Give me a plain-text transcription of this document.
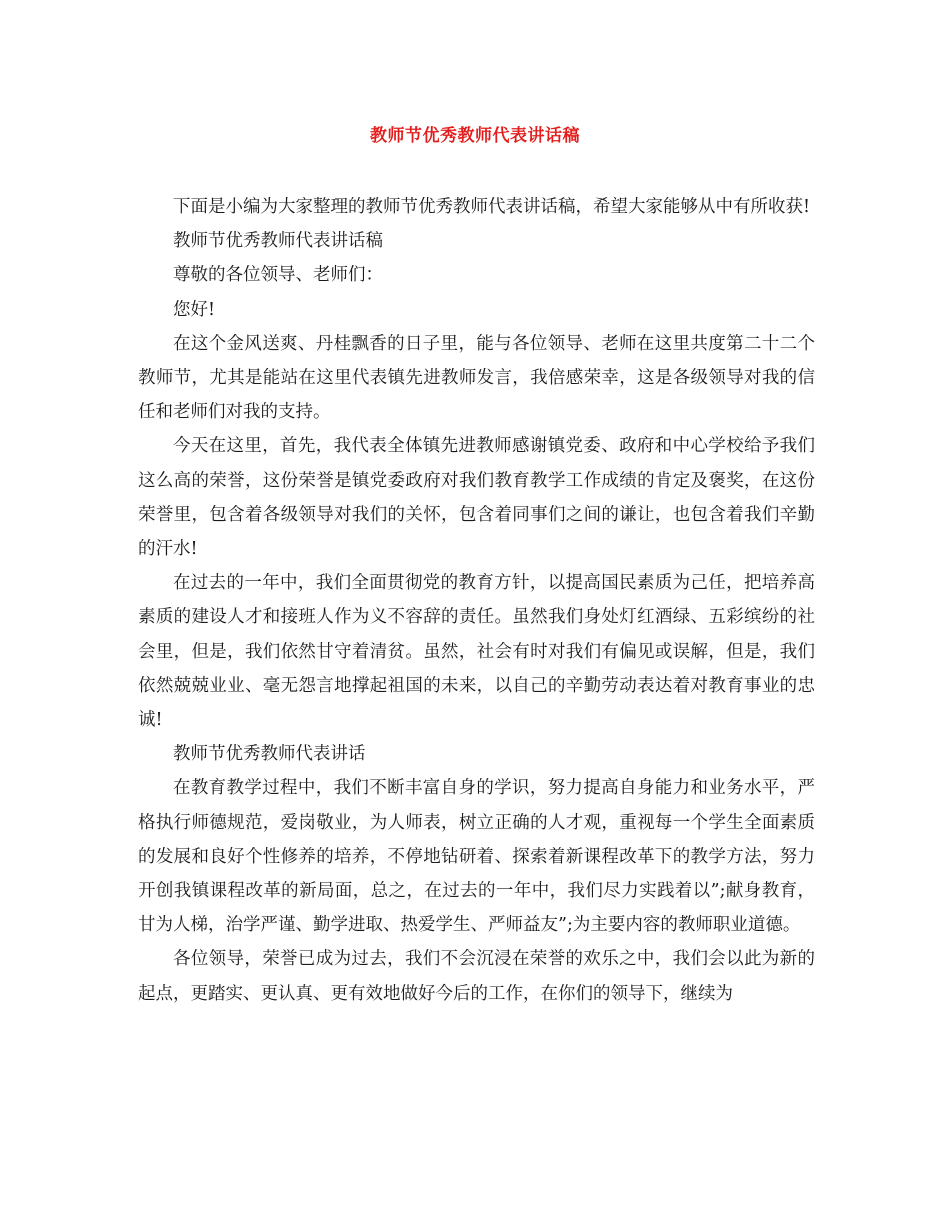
教师节优秀教师代表讲话稿

下面是小编为大家整理的教师节优秀教师代表讲话稿，希望大家能够从中有所收获!

教师节优秀教师代表讲话稿

尊敬的各位领导、老师们：

您好!

在这个金风送爽、丹桂飘香的日子里，能与各位领导、老师在这里共度第二十二个教师节，尤其是能站在这里代表镇先进教师发言，我倍感荣幸，这是各级领导对我的信任和老师们对我的支持。

今天在这里，首先，我代表全体镇先进教师感谢镇党委、政府和中心学校给予我们这么高的荣誉，这份荣誉是镇党委政府对我们教育教学工作成绩的肯定及褒奖，在这份荣誉里，包含着各级领导对我们的关怀，包含着同事们之间的谦让，也包含着我们辛勤的汗水!

在过去的一年中，我们全面贯彻党的教育方针，以提高国民素质为己任，把培养高素质的建设人才和接班人作为义不容辞的责任。虽然我们身处灯红酒绿、五彩缤纷的社会里，但是，我们依然甘守着清贫。虽然，社会有时对我们有偏见或误解，但是，我们依然兢兢业业、毫无怨言地撑起祖国的未来，以自己的辛勤劳动表达着对教育事业的忠诚!

教师节优秀教师代表讲话

在教育教学过程中，我们不断丰富自身的学识，努力提高自身能力和业务水平，严格执行师德规范，爱岗敬业，为人师表，树立正确的人才观，重视每一个学生全面素质的发展和良好个性修养的培养，不停地钻研着、探索着新课程改革下的教学方法，努力开创我镇课程改革的新局面，总之，在过去的一年中，我们尽力实践着以”;献身教育，甘为人梯，治学严谨、勤学进取、热爱学生、严师益友”;为主要内容的教师职业道德。

各位领导，荣誉已成为过去，我们不会沉浸在荣誉的欢乐之中，我们会以此为新的起点，更踏实、更认真、更有效地做好今后的工作，在你们的领导下，继续为
